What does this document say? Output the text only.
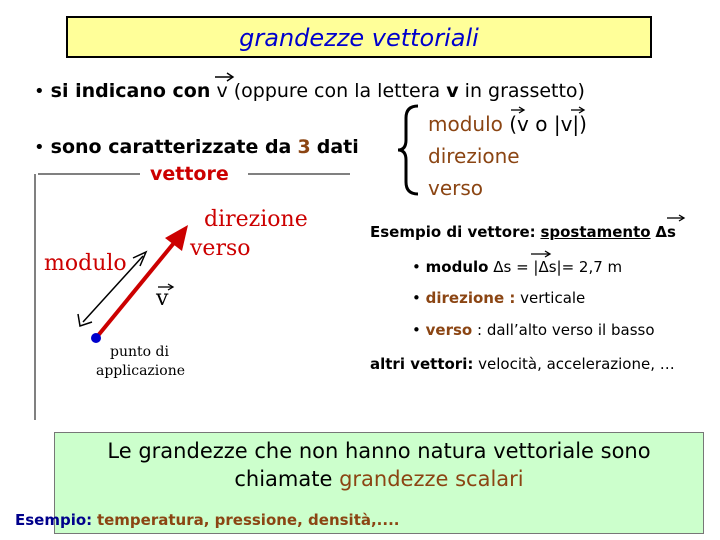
grandezze vettoriali
• si indicano con v (oppure con la lettera v in grassetto)
• sono caratterizzate da 3 dati
modulo (v o |v|)
direzione
verso
vettore
direzione
verso
modulo
v
punto di
applicazione
Esempio di vettore: spostamento Δs
• modulo Δs = |Δs|= 2,7 m
• direzione : verticale
• verso : dall’alto verso il basso
altri vettori: velocità, accelerazione, …
Le grandezze che non hanno natura vettoriale sono
chiamate grandezze scalari
Esempio: temperatura, pressione, densità,....
